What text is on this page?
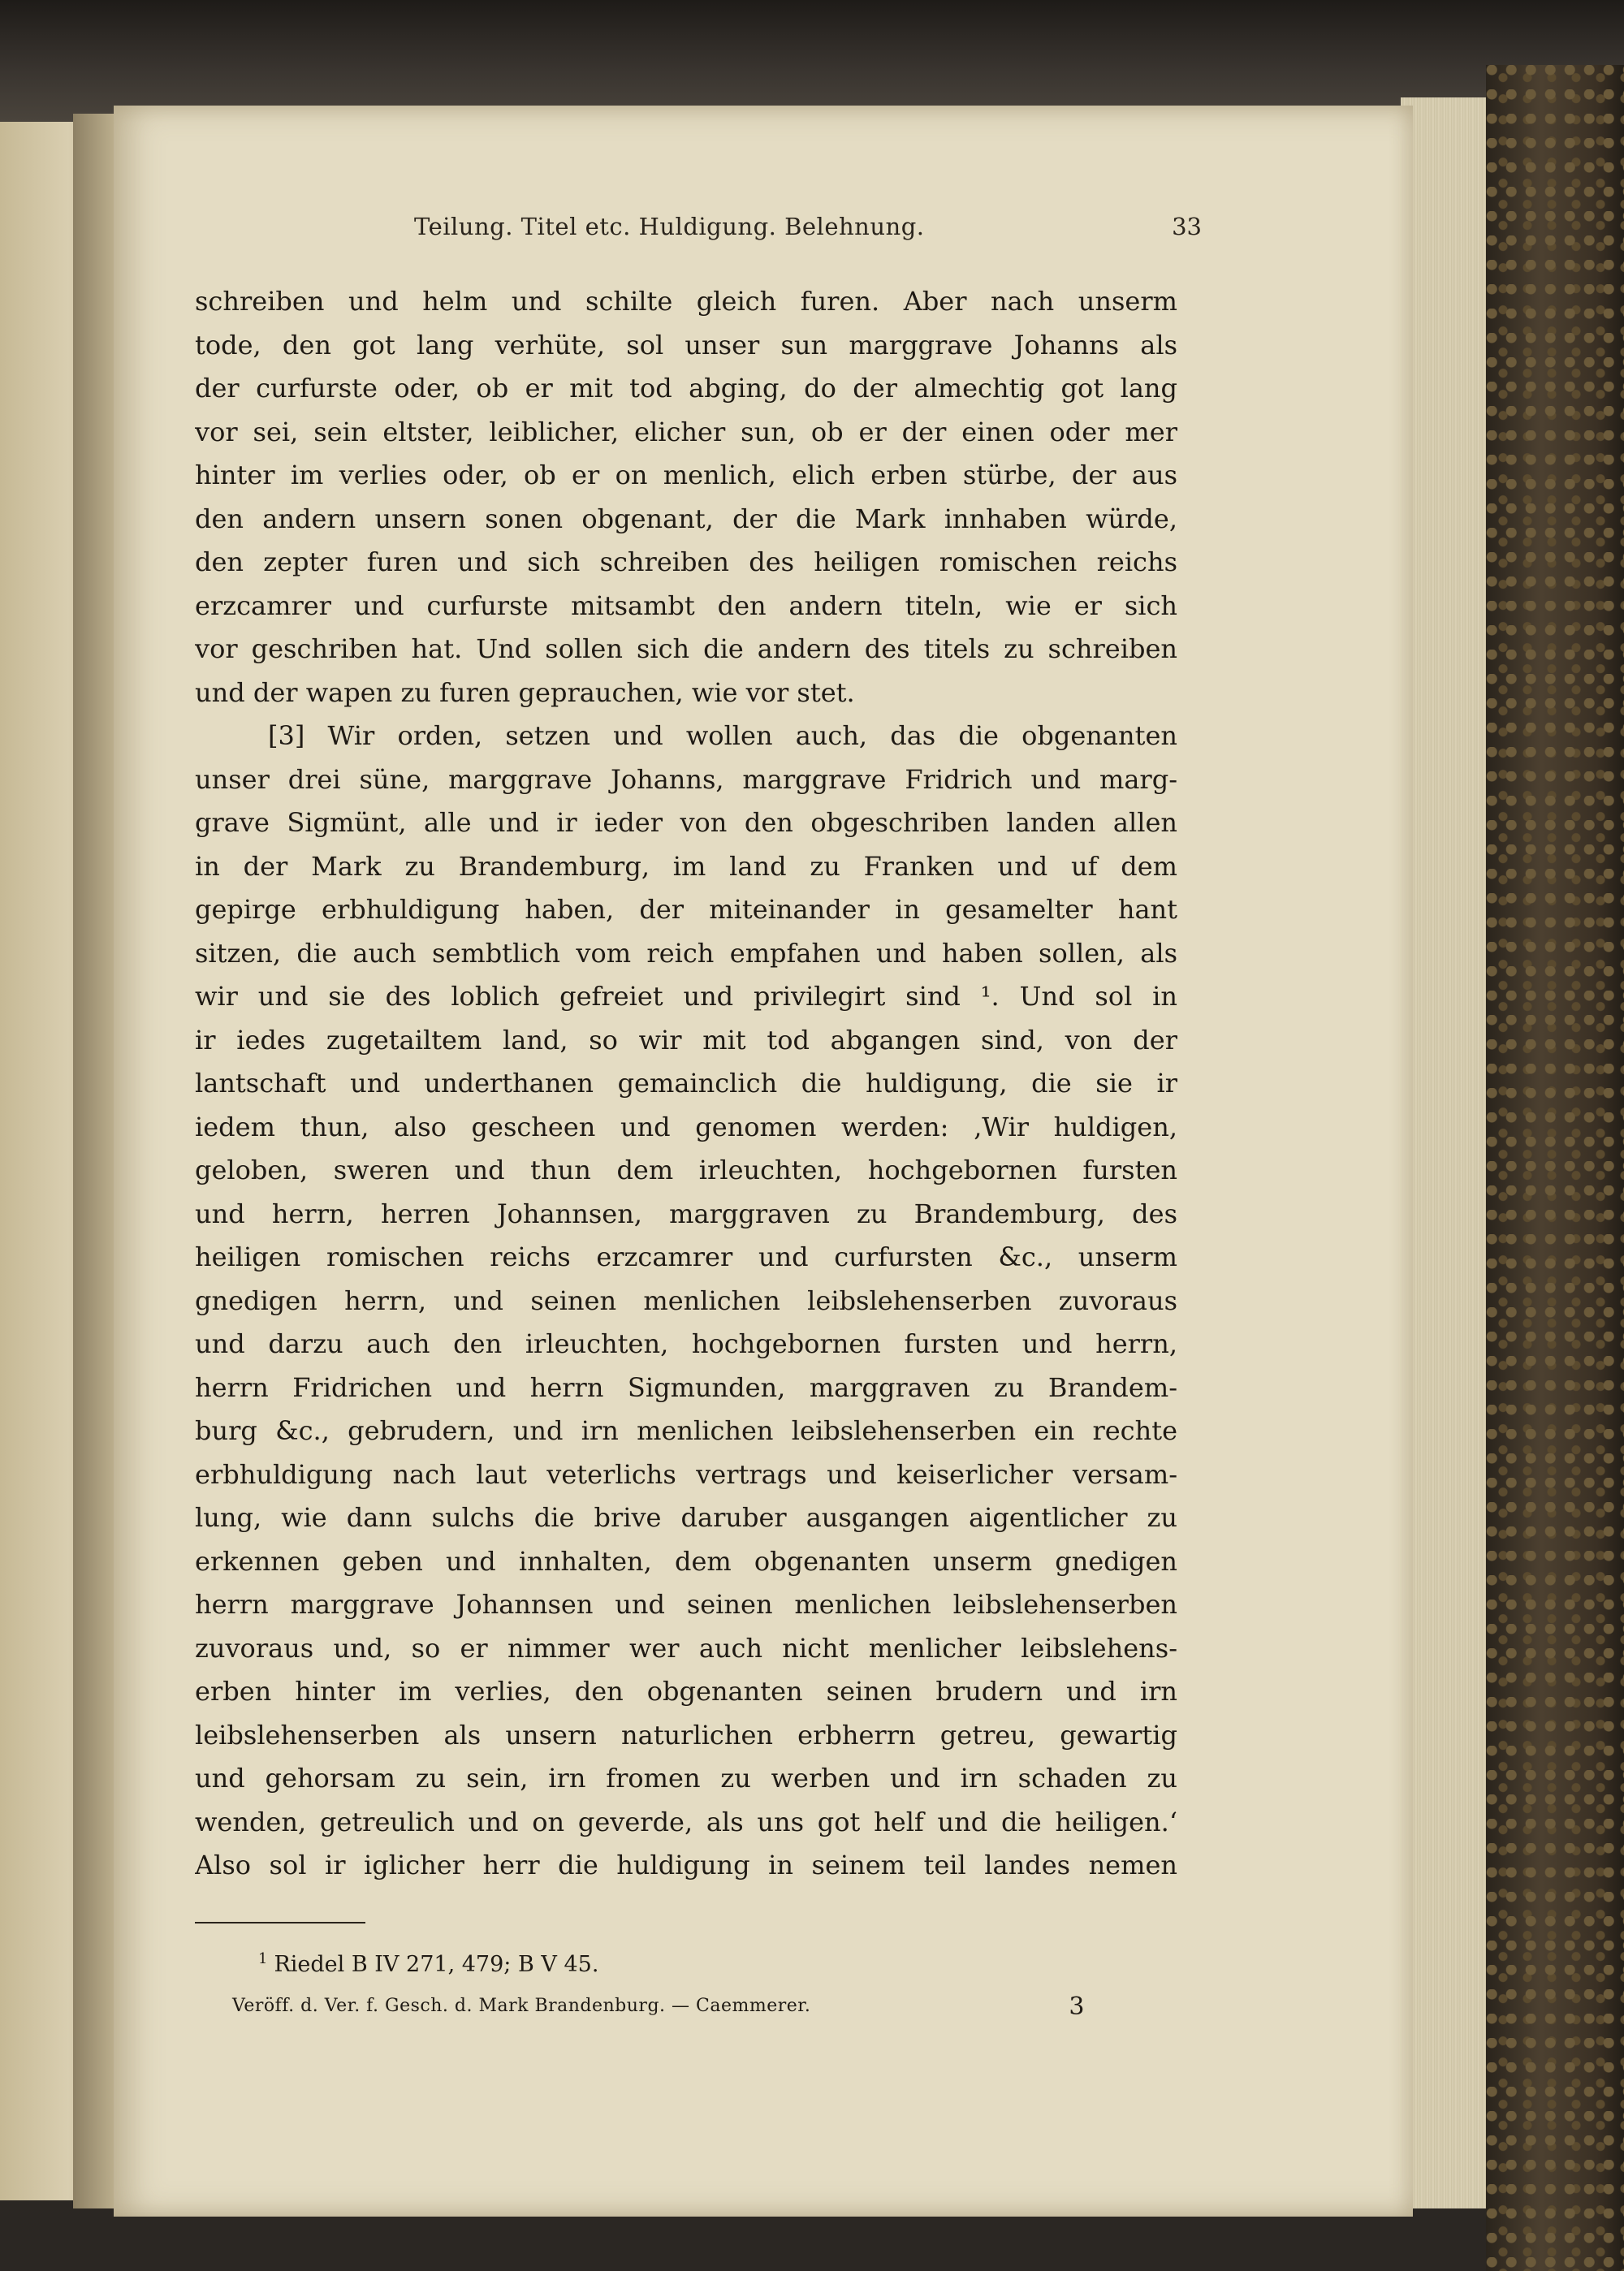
Teilung. Titel etc. Huldigung. Belehnung.	33
schreiben und helm und schilte gleich furen. Aber nach unserm
tode, den got lang verhüte, sol unser sun marggrave Johanns als
der curfurste oder, ob er mit tod abging, do der almechtig got lang
vor sei, sein eltster, leiblicher, elicher sun, ob er der einen oder mer
hinter im verlies oder, ob er on menlich, elich erben stürbe, der aus
den andern unsern sonen obgenant, der die Mark innhaben würde,
den zepter furen und sich schreiben des heiligen romischen reichs
erzcamrer und curfurste mitsambt den andern titeln, wie er sich
vor geschriben hat. Und sollen sich die andern des titels zu schreiben
und der wapen zu furen geprauchen, wie vor stet.
[3] Wir orden, setzen und wollen auch, das die obgenanten
unser drei süne, marggrave Johanns, marggrave Fridrich und marg-
grave Sigmünt, alle und ir ieder von den obgeschriben landen allen
in der Mark zu Brandemburg, im land zu Franken und uf dem
gepirge erbhuldigung haben, der miteinander in gesamelter hant
sitzen, die auch sembtlich vom reich empfahen und haben sollen, als
wir und sie des loblich gefreiet und privilegirt sind ¹. Und sol in
ir iedes zugetailtem land, so wir mit tod abgangen sind, von der
lantschaft und underthanen gemainclich die huldigung, die sie ir
iedem thun, also gescheen und genomen werden: ‚Wir huldigen,
geloben, sweren und thun dem irleuchten, hochgebornen fursten
und herrn, herren Johannsen, marggraven zu Brandemburg, des
heiligen romischen reichs erzcamrer und curfursten &c., unserm
gnedigen herrn, und seinen menlichen leibslehenserben zuvoraus
und darzu auch den irleuchten, hochgebornen fursten und herrn,
herrn Fridrichen und herrn Sigmunden, marggraven zu Brandem-
burg &c., gebrudern, und irn menlichen leibslehenserben ein rechte
erbhuldigung nach laut veterlichs vertrags und keiserlicher versam-
lung, wie dann sulchs die brive daruber ausgangen aigentlicher zu
erkennen geben und innhalten, dem obgenanten unserm gnedigen
herrn marggrave Johannsen und seinen menlichen leibslehenserben
zuvoraus und, so er nimmer wer auch nicht menlicher leibslehens-
erben hinter im verlies, den obgenanten seinen brudern und irn
leibslehenserben als unsern naturlichen erbherrn getreu, gewartig
und gehorsam zu sein, irn fromen zu werben und irn schaden zu
wenden, getreulich und on geverde, als uns got helf und die heiligen.‘
Also sol ir iglicher herr die huldigung in seinem teil landes nemen
$^1$ Riedel B IV 271, 479; B V 45.
Veröff. d. Ver. f. Gesch. d. Mark Brandenburg. — Caemmerer.	3
